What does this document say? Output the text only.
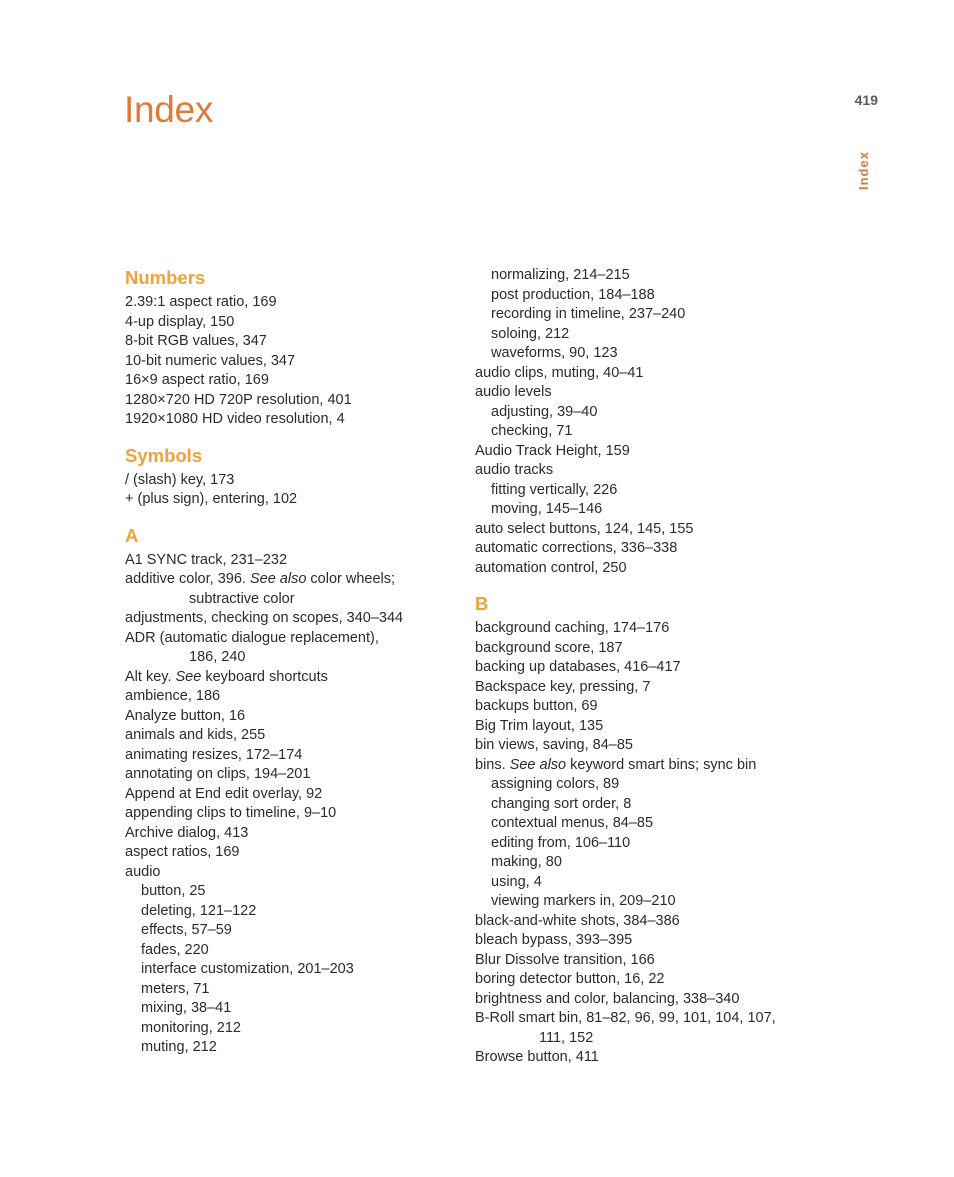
Index	419
Index
Numbers

2.39:1 aspect ratio, 169

4-up display, 150

8-bit RGB values, 347

10-bit numeric values, 347

16×9 aspect ratio, 169

1280×720 HD 720P resolution, 401

1920×1080 HD video resolution, 4

Symbols

/ (slash) key, 173

+ (plus sign), entering, 102

A

A1 SYNC track, 231–232

additive color, 396. See also color wheels;
subtractive color

adjustments, checking on scopes, 340–344

ADR (automatic dialogue replacement),
186, 240

Alt key. See keyboard shortcuts

ambience, 186

Analyze button, 16

animals and kids, 255

animating resizes, 172–174

annotating on clips, 194–201

Append at End edit overlay, 92

appending clips to timeline, 9–10

Archive dialog, 413

aspect ratios, 169

audio

button, 25

deleting, 121–122

effects, 57–59

fades, 220

interface customization, 201–203

meters, 71

mixing, 38–41

monitoring, 212

muting, 212

normalizing, 214–215

post production, 184–188

recording in timeline, 237–240

soloing, 212

waveforms, 90, 123

audio clips, muting, 40–41

audio levels

adjusting, 39–40

checking, 71

Audio Track Height, 159

audio tracks

fitting vertically, 226

moving, 145–146

auto select buttons, 124, 145, 155

automatic corrections, 336–338

automation control, 250

B

background caching, 174–176

background score, 187

backing up databases, 416–417

Backspace key, pressing, 7

backups button, 69

Big Trim layout, 135

bin views, saving, 84–85

bins. See also keyword smart bins; sync bin

assigning colors, 89

changing sort order, 8

contextual menus, 84–85

editing from, 106–110

making, 80

using, 4

viewing markers in, 209–210

black-and-white shots, 384–386

bleach bypass, 393–395

Blur Dissolve transition, 166

boring detector button, 16, 22

brightness and color, balancing, 338–340

B-Roll smart bin, 81–82, 96, 99, 101, 104, 107,
111, 152

Browse button, 411
